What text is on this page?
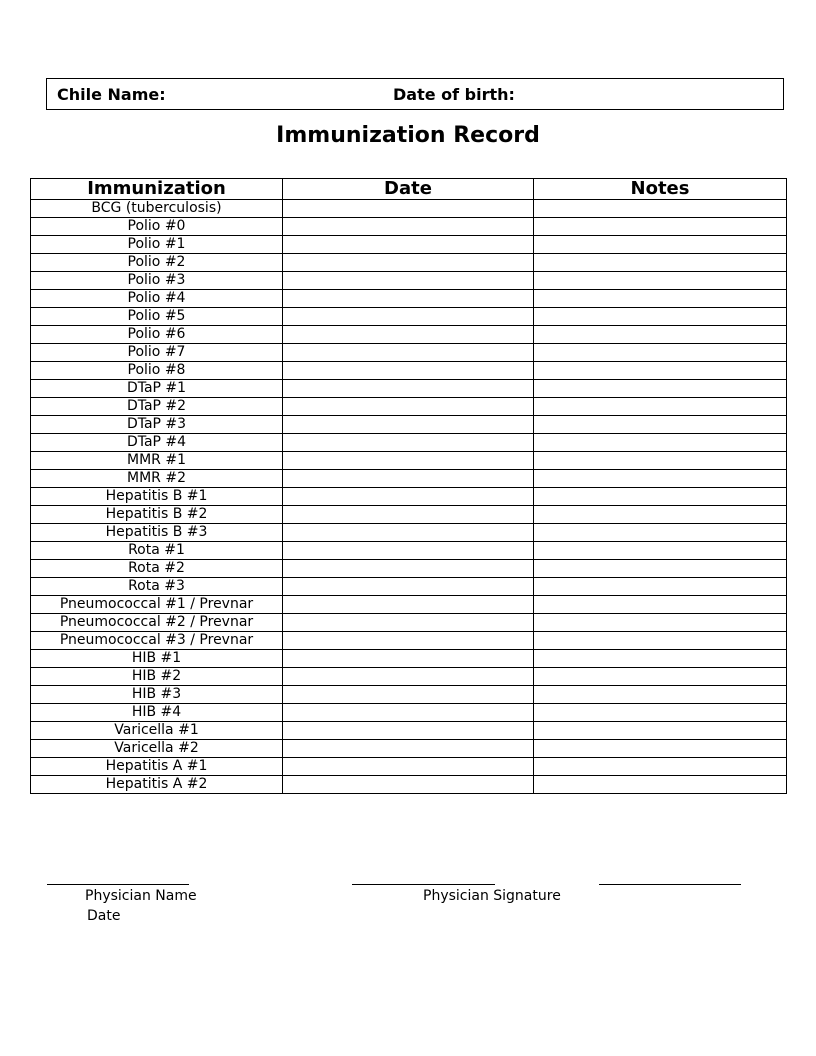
Chile Name:	Date of birth:
Immunization Record
Immunization	Date	Notes
BCG (tuberculosis)		
Polio #0		
Polio #1		
Polio #2		
Polio #3		
Polio #4		
Polio #5		
Polio #6		
Polio #7		
Polio #8		
DTaP #1		
DTaP #2		
DTaP #3		
DTaP #4		
MMR #1		
MMR #2		
Hepatitis B #1		
Hepatitis B #2		
Hepatitis B #3		
Rota #1		
Rota #2		
Rota #3		
Pneumococcal #1 / Prevnar		
Pneumococcal #2 / Prevnar		
Pneumococcal #3 / Prevnar		
HIB #1		
HIB #2		
HIB #3		
HIB #4		
Varicella #1		
Varicella #2		
Hepatitis A #1		
Hepatitis A #2		
Physician Name	Physician Signature
Date
